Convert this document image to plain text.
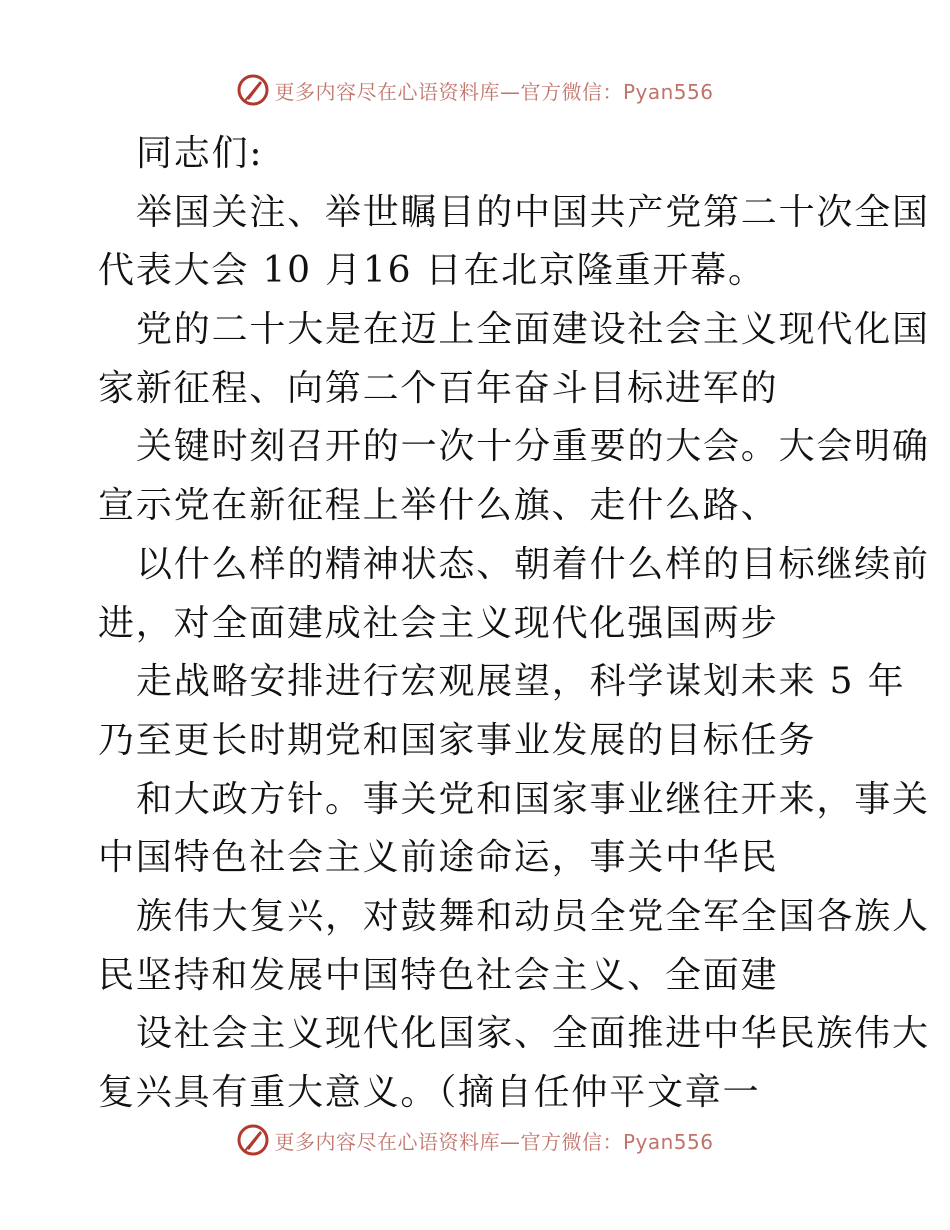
更多内容尽在心语资料库—官方微信：Pyan556
同志们:
举国关注、举世瞩目的中国共产党第二十次全国
代表大会 10 月16 日在北京隆重开幕。
党的二十大是在迈上全面建设社会主义现代化国
家新征程、向第二个百年奋斗目标进军的
关键时刻召开的一次十分重要的大会。大会明确
宣示党在新征程上举什么旗、走什么路、
以什么样的精神状态、朝着什么样的目标继续前
进，对全面建成社会主义现代化强国两步
走战略安排进行宏观展望，科学谋划未来 5 年
乃至更长时期党和国家事业发展的目标任务
和大政方针。事关党和国家事业继往开来，事关
中国特色社会主义前途命运，事关中华民
族伟大复兴，对鼓舞和动员全党全军全国各族人
民坚持和发展中国特色社会主义、全面建
设社会主义现代化国家、全面推进中华民族伟大
复兴具有重大意义。（摘自任仲平文章一
更多内容尽在心语资料库—官方微信：Pyan556
